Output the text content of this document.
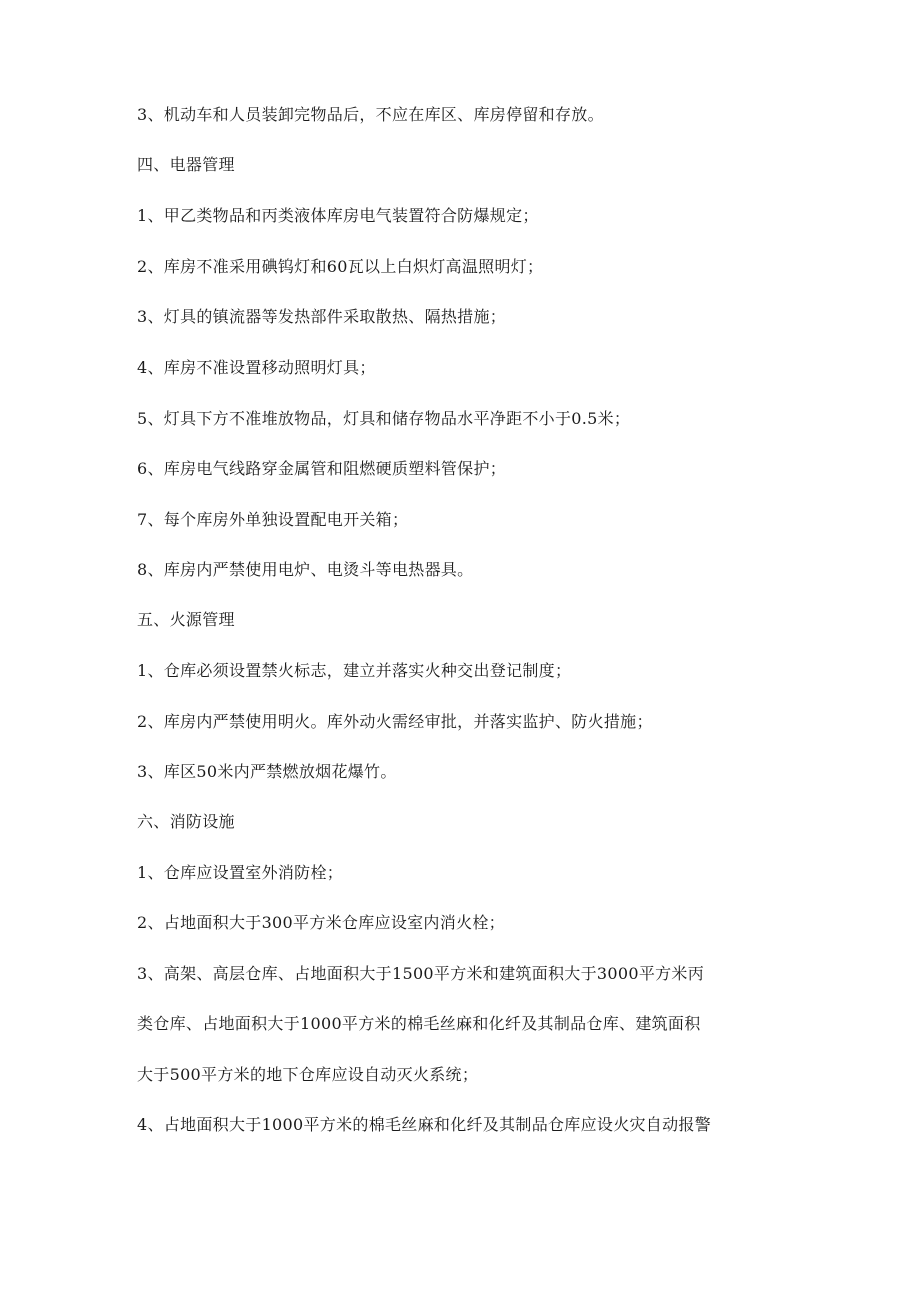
3、机动车和人员装卸完物品后，不应在库区、库房停留和存放。
四、电器管理
1、甲乙类物品和丙类液体库房电气装置符合防爆规定；
2、库房不准采用碘钨灯和60瓦以上白炽灯高温照明灯；
3、灯具的镇流器等发热部件采取散热、隔热措施；
4、库房不准设置移动照明灯具；
5、灯具下方不准堆放物品，灯具和储存物品水平净距不小于0.5米；
6、库房电气线路穿金属管和阻燃硬质塑料管保护；
7、每个库房外单独设置配电开关箱；
8、库房内严禁使用电炉、电烫斗等电热器具。
五、火源管理
1、仓库必须设置禁火标志，建立并落实火种交出登记制度；
2、库房内严禁使用明火。库外动火需经审批，并落实监护、防火措施；
3、库区50米内严禁燃放烟花爆竹。
六、消防设施
1、仓库应设置室外消防栓；
2、占地面积大于300平方米仓库应设室内消火栓；
3、高架、高层仓库、占地面积大于1500平方米和建筑面积大于3000平方米丙
类仓库、占地面积大于1000平方米的棉毛丝麻和化纤及其制品仓库、建筑面积
大于500平方米的地下仓库应设自动灭火系统；
4、占地面积大于1000平方米的棉毛丝麻和化纤及其制品仓库应设火灾自动报警
